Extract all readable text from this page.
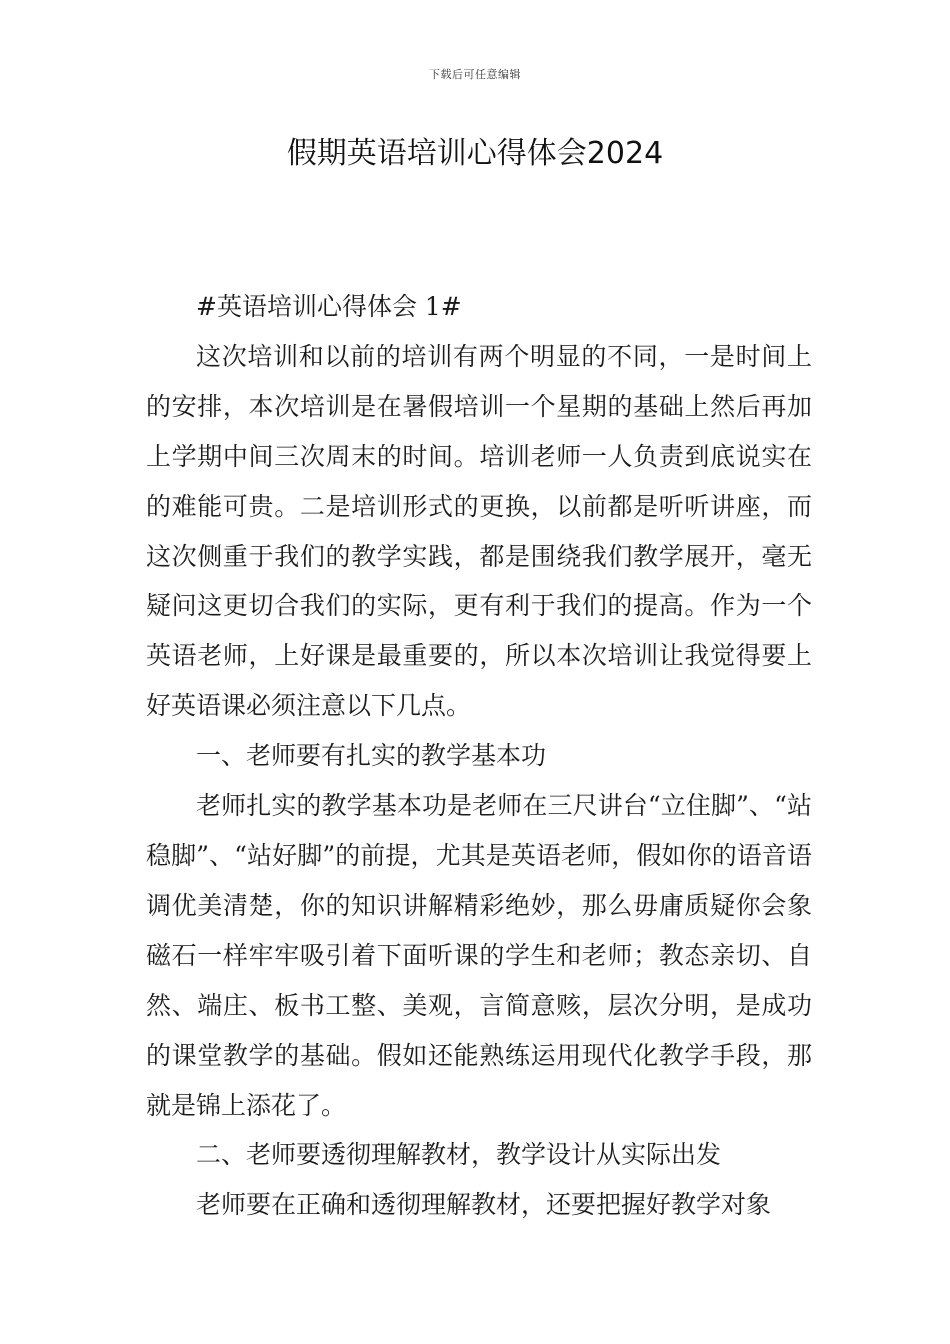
下载后可任意编辑
假期英语培训心得体会2024

#英语培训心得体会 1#

这次培训和以前的培训有两个明显的不同，一是时间上的安排，本次培训是在暑假培训一个星期的基础上然后再加上学期中间三次周末的时间。培训老师一人负责到底说实在的难能可贵。二是培训形式的更换，以前都是听听讲座，而这次侧重于我们的教学实践，都是围绕我们教学展开，毫无疑问这更切合我们的实际，更有利于我们的提高。作为一个英语老师，上好课是最重要的，所以本次培训让我觉得要上好英语课必须注意以下几点。

一、老师要有扎实的教学基本功

老师扎实的教学基本功是老师在三尺讲台“立住脚”、“站稳脚”、“站好脚”的前提，尤其是英语老师，假如你的语音语调优美清楚，你的知识讲解精彩绝妙，那么毋庸质疑你会象磁石一样牢牢吸引着下面听课的学生和老师；教态亲切、自然、端庄、板书工整、美观，言简意赅，层次分明，是成功的课堂教学的基础。假如还能熟练运用现代化教学手段，那就是锦上添花了。

二、老师要透彻理解教材，教学设计从实际出发

老师要在正确和透彻理解教材，还要把握好教学对象
